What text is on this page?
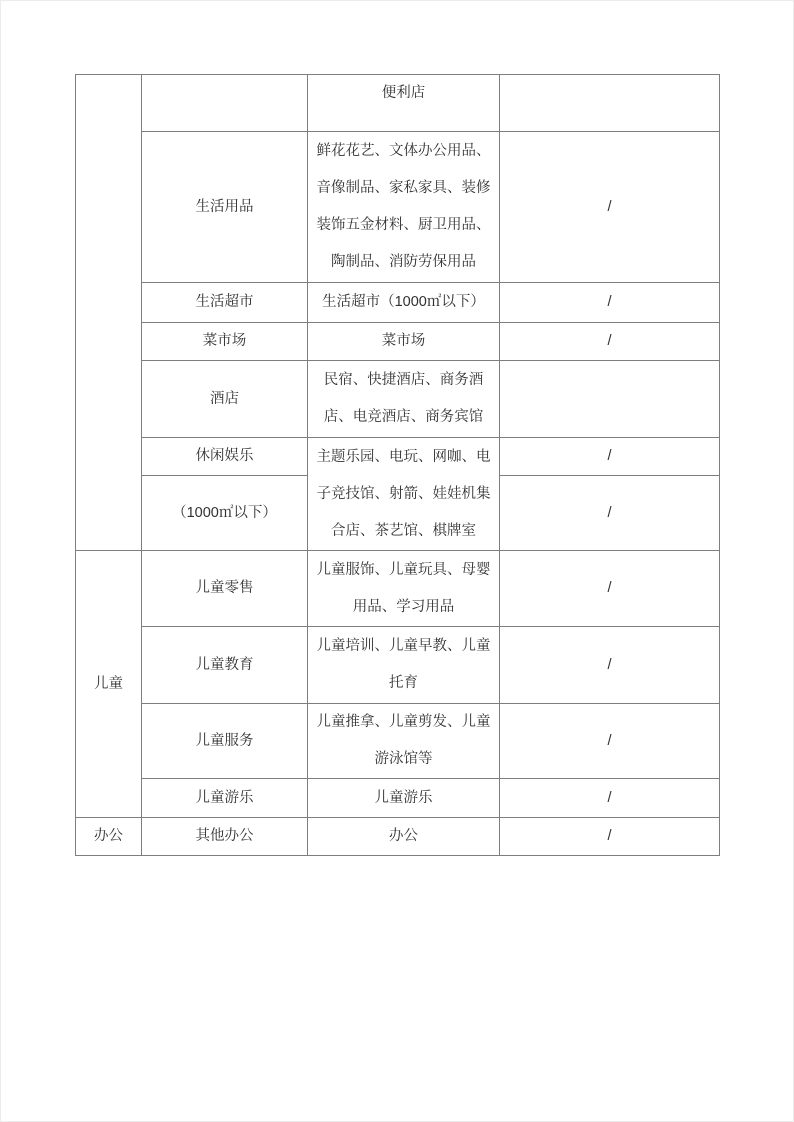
		便利店	
	生活用品	鲜花花艺、文体办公用品、音像制品、家私家具、装修装饰五金材料、厨卫用品、陶制品、消防劳保用品	/
	生活超市	生活超市（1000㎡以下）	/
	菜市场	菜市场	/
	酒店	民宿、快捷酒店、商务酒店、电竞酒店、商务宾馆	
	休闲娱乐	主题乐园、电玩、网咖、电子竞技馆、射箭、娃娃机集合店、茶艺馆、棋牌室	/
	（1000㎡以下）		/
儿童	儿童零售	儿童服饰、儿童玩具、母婴用品、学习用品	/
	儿童教育	儿童培训、儿童早教、儿童托育	/
	儿童服务	儿童推拿、儿童剪发、儿童游泳馆等	/
	儿童游乐	儿童游乐	/
办公	其他办公	办公	/
